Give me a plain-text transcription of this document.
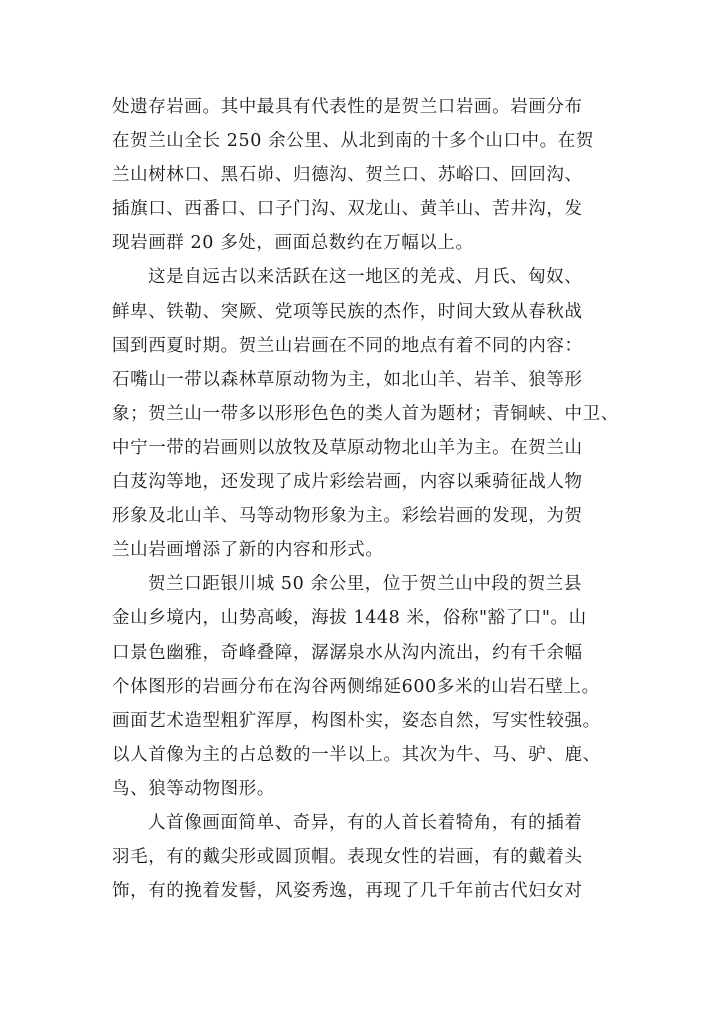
处遗存岩画。其中最具有代表性的是贺兰口岩画。岩画分布
在贺兰山全长 250 余公里、从北到南的十多个山口中。在贺
兰山树林口、黑石峁、归德沟、贺兰口、苏峪口、回回沟、
插旗口、西番口、口子门沟、双龙山、黄羊山、苦井沟，发
现岩画群 20 多处，画面总数约在万幅以上。
这是自远古以来活跃在这一地区的羌戎、月氏、匈奴、
鲜卑、铁勒、突厥、党项等民族的杰作，时间大致从春秋战
国到西夏时期。贺兰山岩画在不同的地点有着不同的内容：
石嘴山一带以森林草原动物为主，如北山羊、岩羊、狼等形
象；贺兰山一带多以形形色色的类人首为题材；青铜峡、中卫、
中宁一带的岩画则以放牧及草原动物北山羊为主。在贺兰山
白芨沟等地，还发现了成片彩绘岩画，内容以乘骑征战人物
形象及北山羊、马等动物形象为主。彩绘岩画的发现，为贺
兰山岩画增添了新的内容和形式。
贺兰口距银川城 50 余公里，位于贺兰山中段的贺兰县
金山乡境内，山势高峻，海拔 1448 米，俗称"豁了口"。山
口景色幽雅，奇峰叠障，潺潺泉水从沟内流出，约有千余幅
个体图形的岩画分布在沟谷两侧绵延600多米的山岩石壁上。
画面艺术造型粗犷浑厚，构图朴实，姿态自然，写实性较强。
以人首像为主的占总数的一半以上。其次为牛、马、驴、鹿、
鸟、狼等动物图形。
人首像画面简单、奇异，有的人首长着犄角，有的插着
羽毛，有的戴尖形或圆顶帽。表现女性的岩画，有的戴着头
饰，有的挽着发髻，风姿秀逸，再现了几千年前古代妇女对
